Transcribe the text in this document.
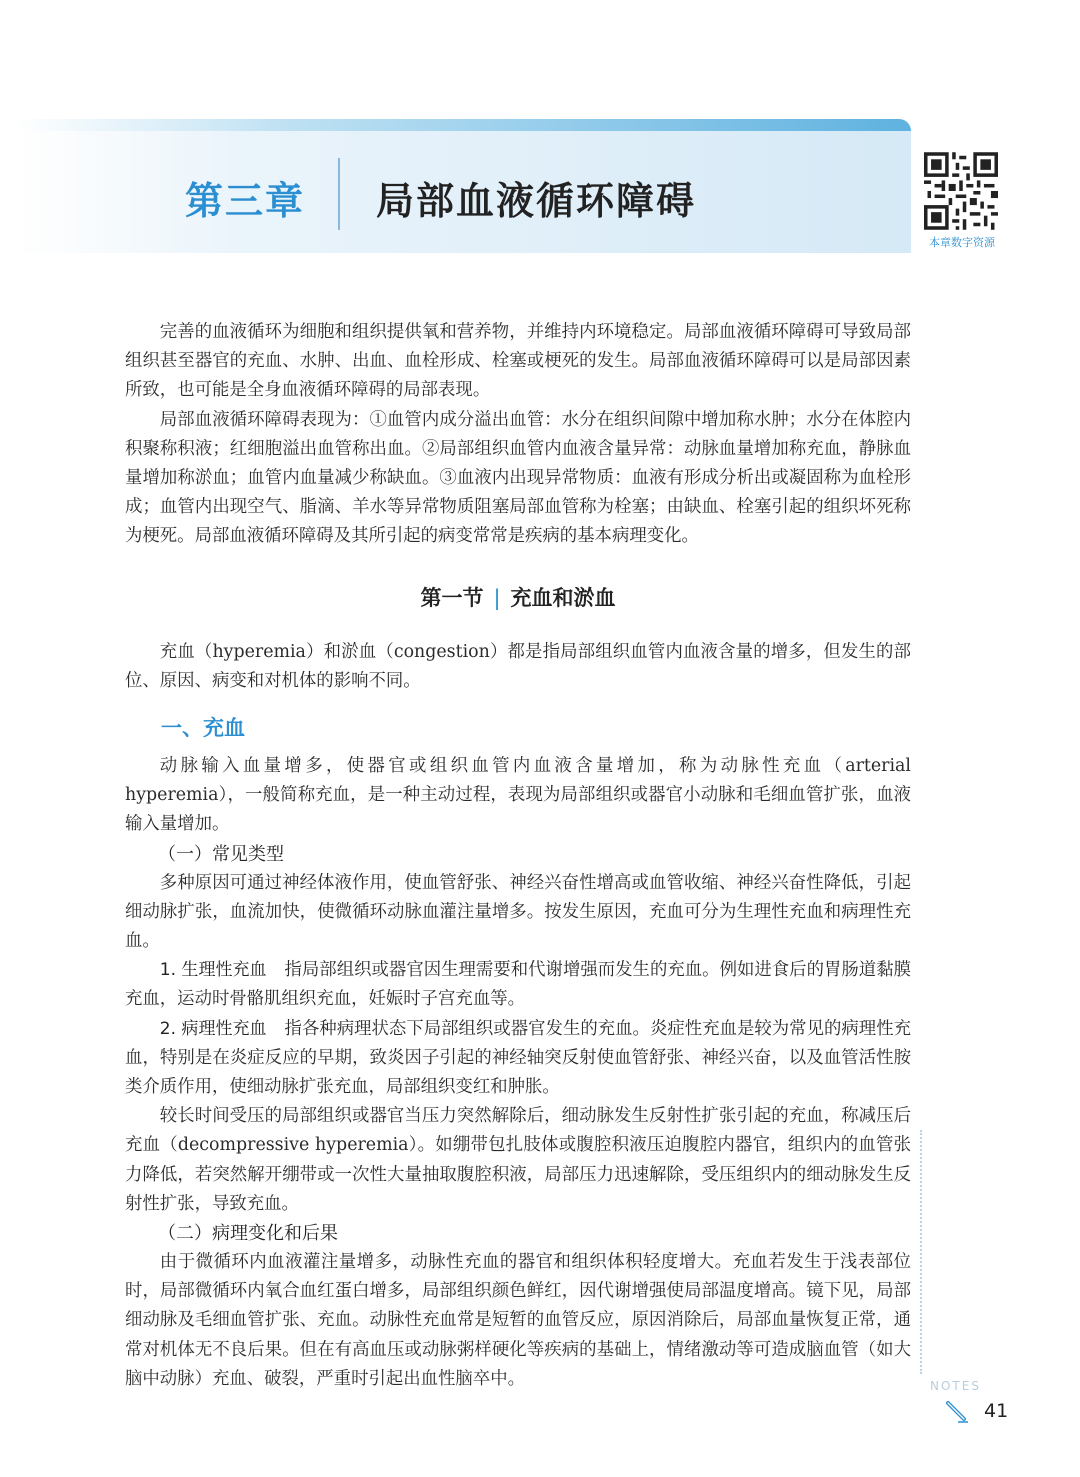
第三章 局部血液循环障碍
本章数字资源

完善的血液循环为细胞和组织提供氧和营养物，并维持内环境稳定。局部血液循环障碍可导致局部组织甚至器官的充血、水肿、出血、血栓形成、栓塞或梗死的发生。局部血液循环障碍可以是局部因素所致，也可能是全身血液循环障碍的局部表现。

局部血液循环障碍表现为：①血管内成分溢出血管：水分在组织间隙中增加称水肿；水分在体腔内积聚称积液；红细胞溢出血管称出血。②局部组织血管内血液含量异常：动脉血量增加称充血，静脉血量增加称淤血；血管内血量减少称缺血。③血液内出现异常物质：血液有形成分析出或凝固称为血栓形成；血管内出现空气、脂滴、羊水等异常物质阻塞局部血管称为栓塞；由缺血、栓塞引起的组织坏死称为梗死。局部血液循环障碍及其所引起的病变常常是疾病的基本病理变化。

第一节 | 充血和淤血

充血（hyperemia）和淤血（congestion）都是指局部组织血管内血液含量的增多，但发生的部位、原因、病变和对机体的影响不同。

一、充血

动脉输入血量增多，使器官或组织血管内血液含量增加，称为动脉性充血（arterial hyperemia），一般简称充血，是一种主动过程，表现为局部组织或器官小动脉和毛细血管扩张，血液输入量增加。

（一）常见类型

多种原因可通过神经体液作用，使血管舒张、神经兴奋性增高或血管收缩、神经兴奋性降低，引起细动脉扩张，血流加快，使微循环动脉血灌注量增多。按发生原因，充血可分为生理性充血和病理性充血。

1. 生理性充血 指局部组织或器官因生理需要和代谢增强而发生的充血。例如进食后的胃肠道黏膜充血，运动时骨骼肌组织充血，妊娠时子宫充血等。

2. 病理性充血 指各种病理状态下局部组织或器官发生的充血。炎症性充血是较为常见的病理性充血，特别是在炎症反应的早期，致炎因子引起的神经轴突反射使血管舒张、神经兴奋，以及血管活性胺类介质作用，使细动脉扩张充血，局部组织变红和肿胀。

较长时间受压的局部组织或器官当压力突然解除后，细动脉发生反射性扩张引起的充血，称减压后充血（decompressive hyperemia）。如绷带包扎肢体或腹腔积液压迫腹腔内器官，组织内的血管张力降低，若突然解开绷带或一次性大量抽取腹腔积液，局部压力迅速解除，受压组织内的细动脉发生反射性扩张，导致充血。

（二）病理变化和后果

由于微循环内血液灌注量增多，动脉性充血的器官和组织体积轻度增大。充血若发生于浅表部位时，局部微循环内氧合血红蛋白增多，局部组织颜色鲜红，因代谢增强使局部温度增高。镜下见，局部细动脉及毛细血管扩张、充血。动脉性充血常是短暂的血管反应，原因消除后，局部血量恢复正常，通常对机体无不良后果。但在有高血压或动脉粥样硬化等疾病的基础上，情绪激动等可造成脑血管（如大脑中动脉）充血、破裂，严重时引起出血性脑卒中。	NOTES
41
